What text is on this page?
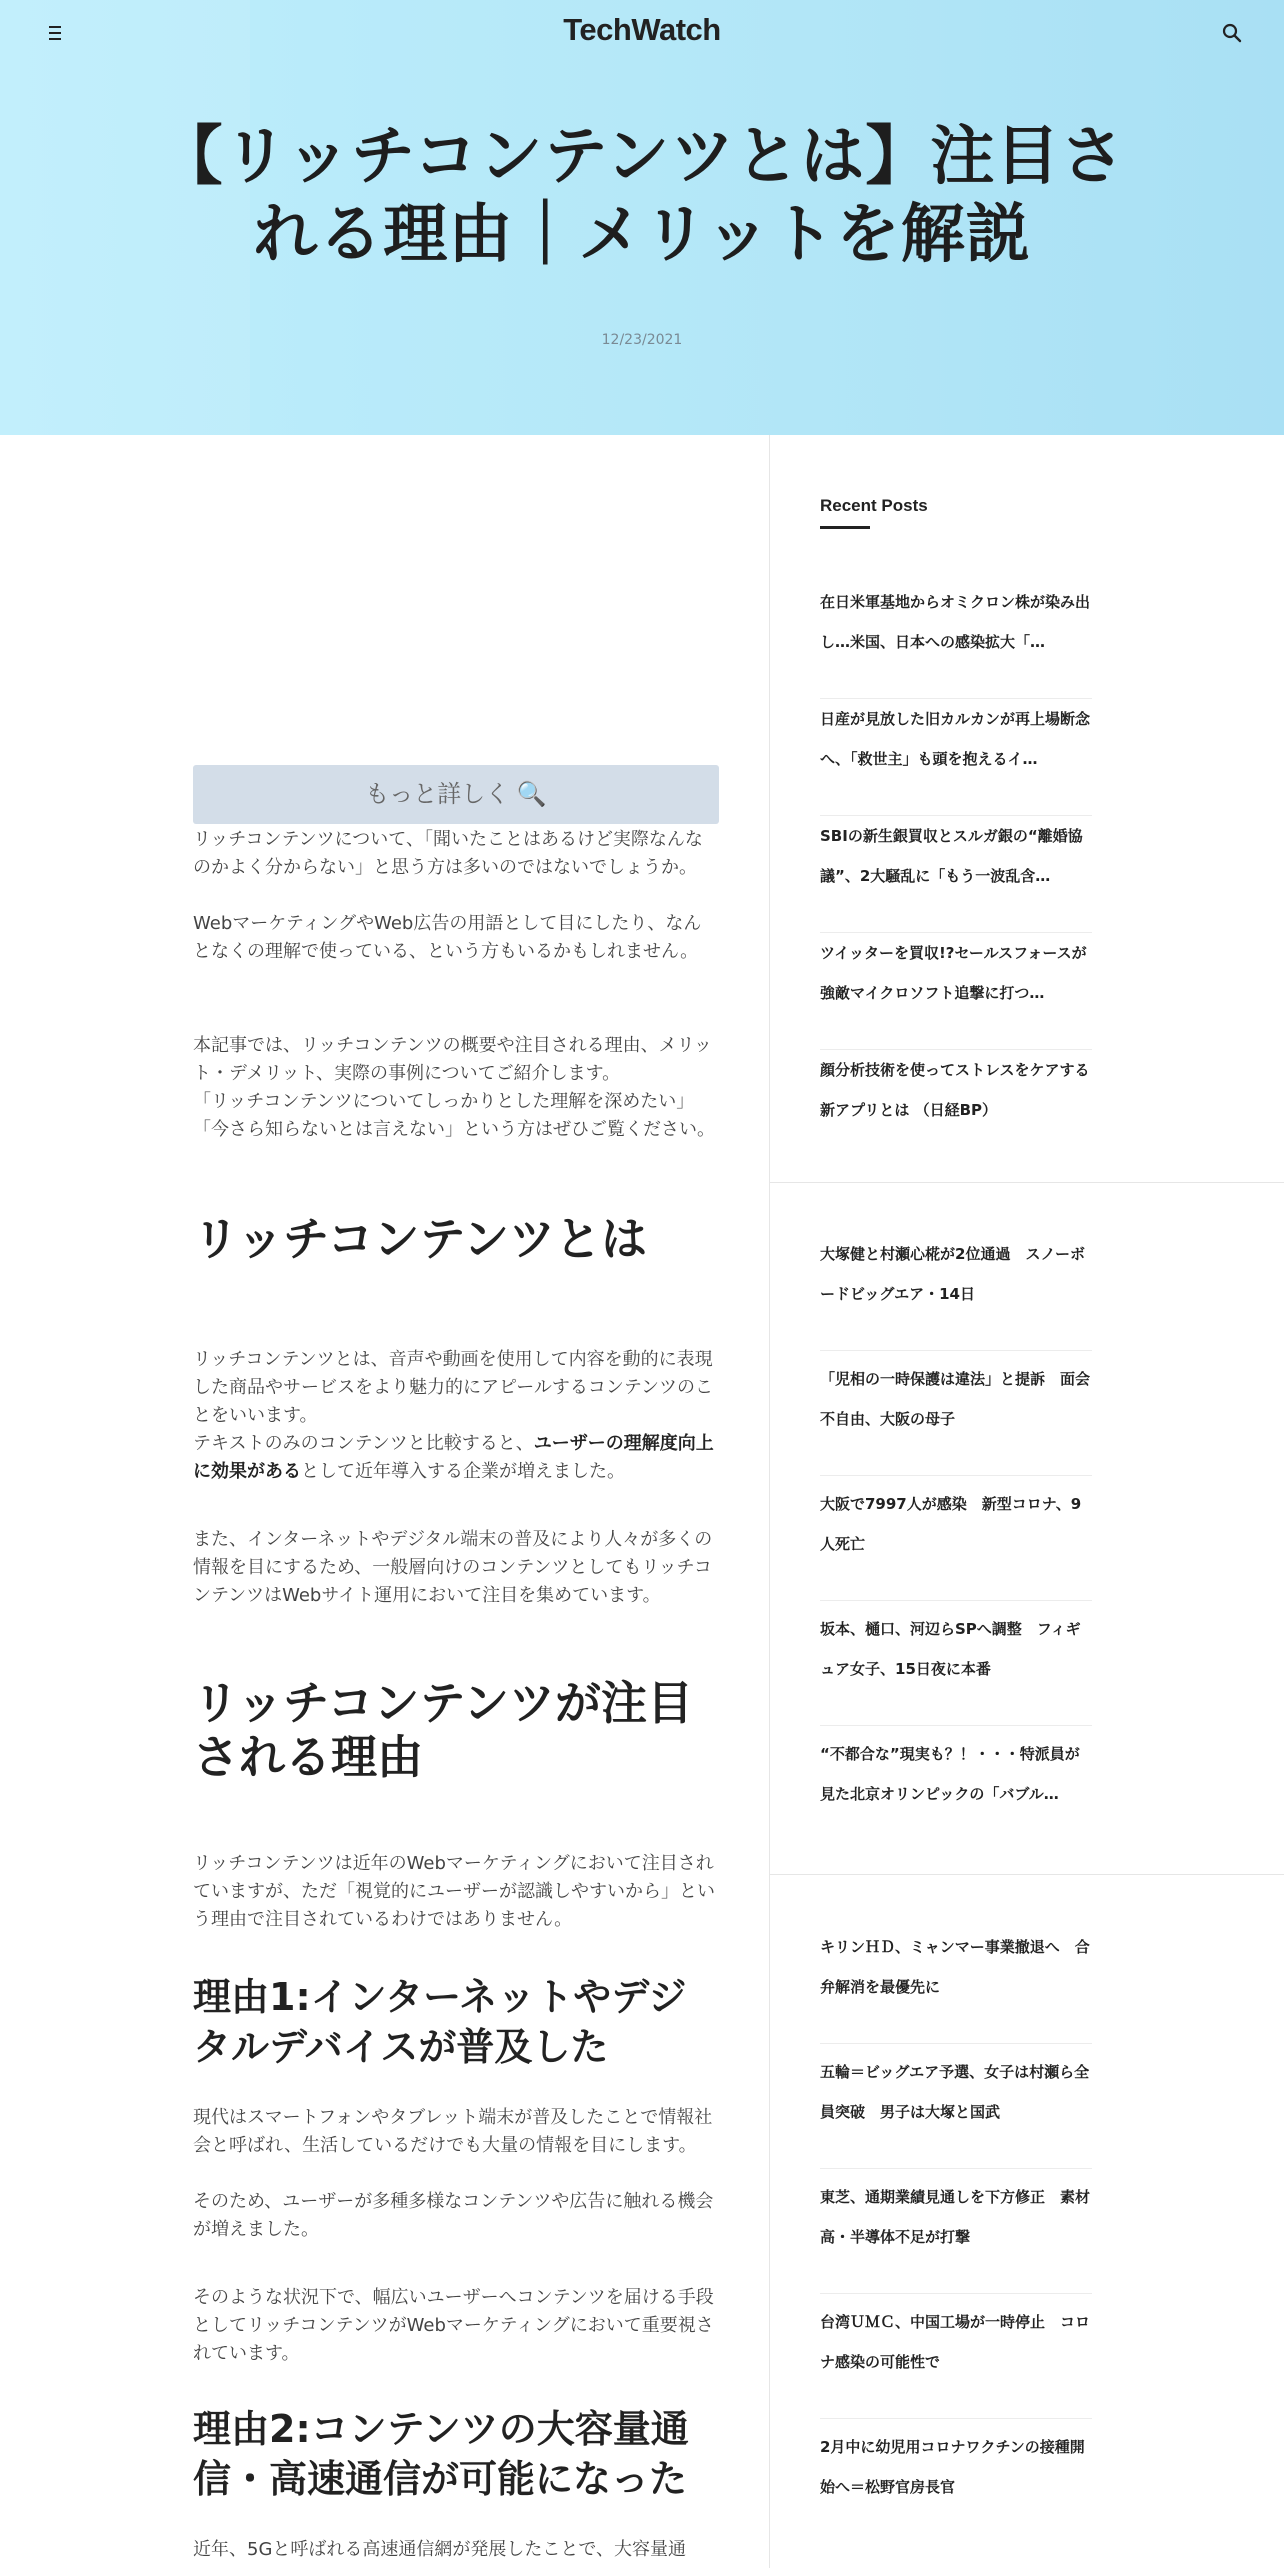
TechWatch
【リッチコンテンツとは】注目される理由｜メリットを解説
12/23/2021
もっと詳しく 🔍
リッチコンテンツについて、「聞いたことはあるけど実際なんなのかよく分からない」と思う方は多いのではないでしょうか。
WebマーケティングやWeb広告の用語として目にしたり、なんとなくの理解で使っている、という方もいるかもしれません。
本記事では、リッチコンテンツの概要や注目される理由、メリット・デメリット、実際の事例についてご紹介します。
「リッチコンテンツについてしっかりとした理解を深めたい」「今さら知らないとは言えない」という方はぜひご覧ください。
リッチコンテンツとは
リッチコンテンツとは、音声や動画を使用して内容を動的に表現した商品やサービスをより魅力的にアピールするコンテンツのことをいいます。
テキストのみのコンテンツと比較すると、ユーザーの理解度向上に効果があるとして近年導入する企業が増えました。
また、インターネットやデジタル端末の普及により人々が多くの情報を目にするため、一般層向けのコンテンツとしてもリッチコンテンツはWebサイト運用において注目を集めています。
リッチコンテンツが注目される理由
リッチコンテンツは近年のWebマーケティングにおいて注目されていますが、ただ「視覚的にユーザーが認識しやすいから」という理由で注目されているわけではありません。
理由1:インターネットやデジタルデバイスが普及した
現代はスマートフォンやタブレット端末が普及したことで情報社会と呼ばれ、生活しているだけでも大量の情報を目にします。
そのため、ユーザーが多種多様なコンテンツや広告に触れる機会が増えました。
そのような状況下で、幅広いユーザーへコンテンツを届ける手段としてリッチコンテンツがWebマーケティングにおいて重要視されています。
理由2:コンテンツの大容量通信・高速通信が可能になった
近年、5Gと呼ばれる高速通信網が発展したことで、大容量通
Recent Posts
在日米軍基地からオミクロン株が染み出し…米国、日本への感染拡大「…
日産が見放した旧カルカンが再上場断念へ、「救世主」も頭を抱えるイ…
SBIの新生銀買収とスルガ銀の“離婚協議”、2大騒乱に「もう一波乱含…
ツイッターを買収!?セールスフォースが強敵マイクロソフト追撃に打つ…
顔分析技術を使ってストレスをケアする新アプリとは （日経BP）
大塚健と村瀬心椛が2位通過　スノーボードビッグエア・14日
「児相の一時保護は違法」と提訴　面会不自由、大阪の母子
大阪で7997人が感染　新型コロナ、9人死亡
坂本、樋口、河辺らSPへ調整　フィギュア女子、15日夜に本番
“不都合な”現実も？！・・・特派員が見た北京オリンピックの「バブル…
キリンＨＤ、ミャンマー事業撤退へ　合弁解消を最優先に
五輪＝ビッグエア予選、女子は村瀬ら全員突破　男子は大塚と国武
東芝、通期業績見通しを下方修正　素材高・半導体不足が打撃
台湾ＵＭＣ、中国工場が一時停止　コロナ感染の可能性で
2月中に幼児用コロナワクチンの接種開始へ＝松野官房長官
